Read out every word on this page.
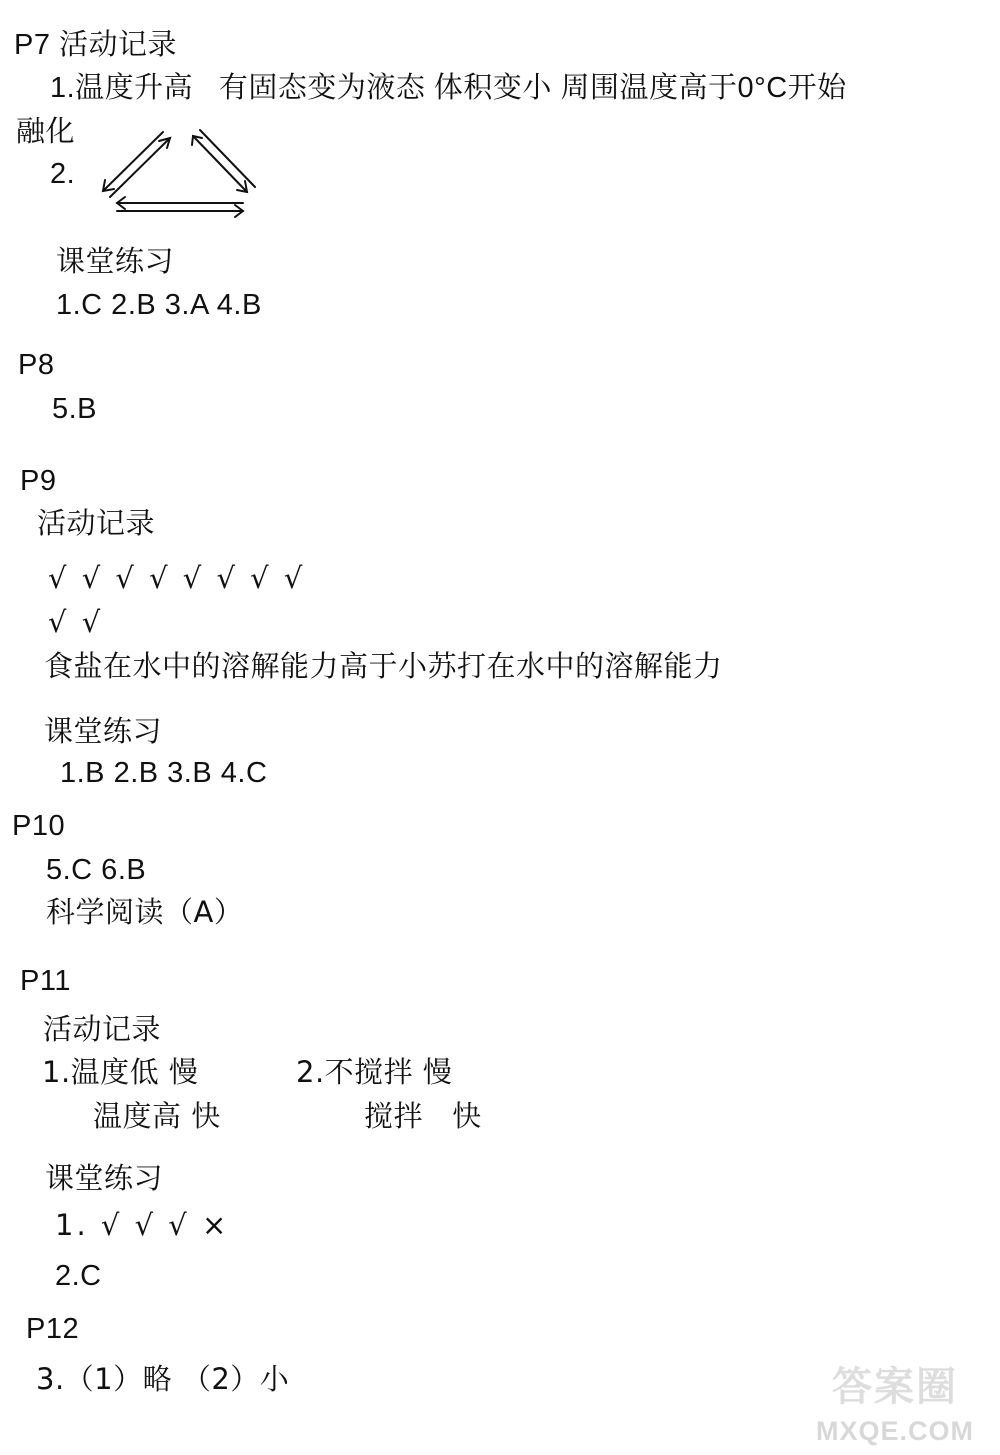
P7 活动记录
1.温度升高   有固态变为液态 体积变小 周围温度高于0°C开始
融化
2.
课堂练习
1.C 2.B 3.A 4.B
P8
5.B
P9
活动记录
√ √ √ √ √ √ √ √
√ √
食盐在水中的溶解能力高于小苏打在水中的溶解能力
课堂练习
1.B 2.B 3.B 4.C
P10
5.C 6.B
科学阅读（A）
P11
活动记录
1.温度低 慢	2.不搅拌 慢
温度高 快	搅拌   快
课堂练习
1. √ √ √ ×
2.C
P12
3.（1）略 （2）小	答案圈
MXQE.COM
